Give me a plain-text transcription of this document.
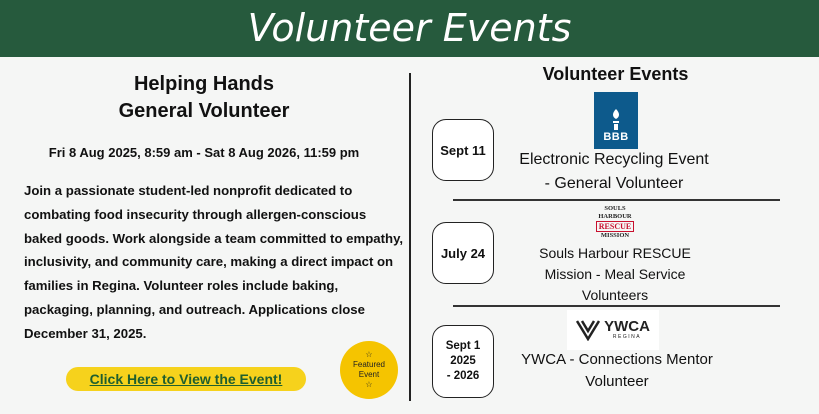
Volunteer Events
Helping Hands
General Volunteer
Fri 8 Aug 2025, 8:59 am - Sat 8 Aug 2026, 11:59 pm
Join a passionate student-led nonprofit dedicated to combating food insecurity through allergen-conscious baked goods. Work alongside a team committed to empathy, inclusivity, and community care, making a direct impact on families in Regina. Volunteer roles include baking, packaging, planning, and outreach. Applications close December 31, 2025.
Click Here to View the Event!
☆
Featured
Event
☆
Volunteer Events
Sept 11
BBB
Electronic Recycling Event
- General Volunteer
July 24
SOULS
HARBOUR
RESCUE
MISSION
Souls Harbour RESCUE
Mission - Meal Service
Volunteers
Sept 1
2025
- 2026
YWCA
REGINA
YWCA - Connections Mentor
Volunteer
